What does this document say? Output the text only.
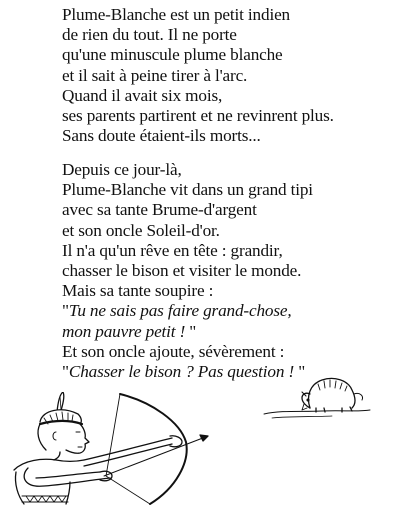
Plume-Blanche est un petit indien
de rien du tout. Il ne porte
qu'une minuscule plume blanche
et il sait à peine tirer à l'arc.
Quand il avait six mois,
ses parents partirent et ne revinrent plus.
Sans doute étaient-ils morts...
Depuis ce jour-là,
Plume-Blanche vit dans un grand tipi
avec sa tante Brume-d'argent
et son oncle Soleil-d'or.
Il n'a qu'un rêve en tête : grandir,
chasser le bison et visiter le monde.
Mais sa tante soupire :
"Tu ne sais pas faire grand-chose,
mon pauvre petit ! "
Et son oncle ajoute, sévèrement :
"Chasser le bison ? Pas question ! "
